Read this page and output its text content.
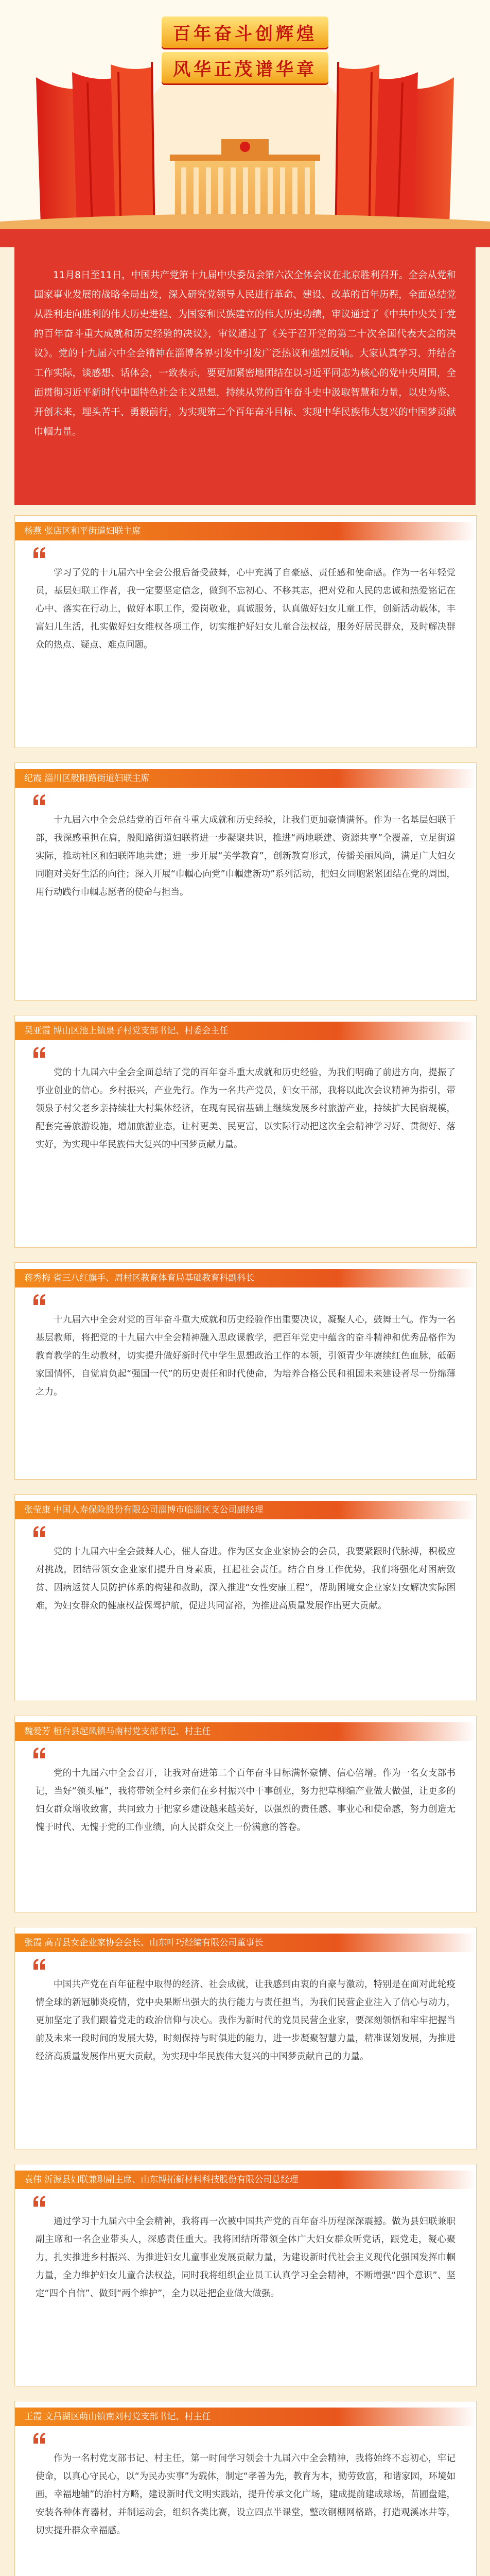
百年奋斗创辉煌
风华正茂谱华章

11月8日至11日，中国共产党第十九届中央委员会第六次全体会议在北京胜利召开。全会从党和国家事业发展的战略全局出发，深入研究党领导人民进行革命、建设、改革的百年历程，全面总结党从胜利走向胜利的伟大历史进程、为国家和民族建立的伟大历史功绩，审议通过了《中共中央关于党的百年奋斗重大成就和历史经验的决议》，审议通过了《关于召开党的第二十次全国代表大会的决议》。党的十九届六中全会精神在淄博各界引发中引发广泛热议和强烈反响。大家认真学习、并结合工作实际，谈感想、话体会，一致表示，要更加紧密地团结在以习近平同志为核心的党中央周围，全面贯彻习近平新时代中国特色社会主义思想，持续从党的百年奋斗史中汲取智慧和力量，以史为鉴、开创未来，埋头苦干、勇毅前行，为实现第二个百年奋斗目标、实现中华民族伟大复兴的中国梦贡献巾帼力量。

杨燕 张店区和平街道妇联主席
学习了党的十九届六中全会公报后备受鼓舞，心中充满了自豪感、责任感和使命感。作为一名年轻党员，基层妇联工作者，我一定要坚定信念，做到不忘初心、不移其志，把对党和人民的忠诚和热爱铭记在心中、落实在行动上，做好本职工作，爱岗敬业，真诚服务，认真做好妇女儿童工作，创新活动载体，丰富妇儿生活，扎实做好妇女维权各项工作，切实维护好妇女儿童合法权益，服务好居民群众，及时解决群众的热点、疑点、难点问题。
纪霞 淄川区般阳路街道妇联主席
十九届六中全会总结党的百年奋斗重大成就和历史经验，让我们更加豪情满怀。作为一名基层妇联干部，我深感重担在肩，般阳路街道妇联将进一步凝聚共识，推进“两地联建、资源共享”全覆盖，立足街道实际，推动社区和妇联阵地共建；进一步开展“美学教育”，创新教育形式，传播美丽风尚，满足广大妇女同胞对美好生活的向往；深入开展“巾帼心向党”巾帼建新功”系列活动，把妇女同胞紧紧团结在党的周围，用行动践行巾帼志愿者的使命与担当。
吴亚霞 博山区池上镇泉子村党支部书记、村委会主任
党的十九届六中全会全面总结了党的百年奋斗重大成就和历史经验，为我们明确了前进方向，提振了事业创业的信心。乡村振兴，产业先行。作为一名共产党员，妇女干部，我将以此次会议精神为指引，带领泉子村父老乡亲持续壮大村集体经济，在现有民宿基础上继续发展乡村旅游产业，持续扩大民宿规模，配套完善旅游设施，增加旅游业态，让村更美、民更富，以实际行动把这次全会精神学习好、贯彻好、落实好，为实现中华民族伟大复兴的中国梦贡献力量。
蒋秀梅 省三八红旗手、周村区教育体育局基础教育科副科长
十九届六中全会对党的百年奋斗重大成就和历史经验作出重要决议，凝聚人心，鼓舞士气。作为一名基层教师，将把党的十九届六中全会精神融入思政课教学，把百年党史中蕴含的奋斗精神和优秀品格作为教育教学的生动教材，切实提升做好新时代中学生思想政治工作的本领，引领青少年赓续红色血脉，砥砺家国情怀，自觉肩负起“强国一代”的历史责任和时代使命，为培养合格公民和祖国未来建设者尽一份绵薄之力。
张莹康 中国人寿保险股份有限公司淄博市临淄区支公司副经理
党的十九届六中全会鼓舞人心，催人奋进。作为区女企业家协会的会员，我要紧跟时代脉搏，积极应对挑战，团结带领女企业家们提升自身素质，扛起社会责任。结合自身工作优势，我们将强化对困病致贫、因病返贫人员防护体系的构建和救助，深入推进“女性安康工程”，帮助困境女企业家妇女解决实际困难，为妇女群众的健康权益保驾护航，促进共同富裕，为推进高质量发展作出更大贡献。
魏爱芳 桓台县起凤镇马南村党支部书记、村主任
党的十九届六中全会召开，让我对奋进第二个百年奋斗目标满怀豪情、信心倍增。作为一名女支部书记，当好“领头雁”，我将带领全村乡亲们在乡村振兴中干事创业，努力把草柳编产业做大做强，让更多的妇女群众增收致富，共同致力于把家乡建设越来越美好，以强烈的责任感、事业心和使命感，努力创造无愧于时代、无愧于党的工作业绩，向人民群众交上一份满意的答卷。
张霞 高青县女企业家协会会长、山东叶巧经编有限公司董事长
中国共产党在百年征程中取得的经济、社会成就，让我感到由衷的自豪与激动，特别是在面对此轮疫情全球的新冠肺炎疫情，党中央果断出强大的执行能力与责任担当，为我们民营企业注入了信心与动力，更加坚定了我们跟着党走的政治信仰与决心。我作为新时代的党员民营企业家，要深刻领悟和牢牢把握当前及未来一段时间的发展大势，时刻保持与时俱进的能力，进一步凝聚智慧力量，精准谋划发展，为推进经济高质量发展作出更大贡献，为实现中华民族伟大复兴的中国梦贡献自己的力量。
袁伟 沂源县妇联兼职副主席、山东博拓新材料科技股份有限公司总经理
通过学习十九届六中全会精神，我将再一次被中国共产党的百年奋斗历程深深震撼。做为县妇联兼职副主席和一名企业带头人，深感责任重大。我将团结所带领全体广大妇女群众听党话，跟党走，凝心聚力，扎实推进乡村振兴、为推进妇女儿童事业发展贡献力量，为建设新时代社会主义现代化强国发挥巾帼力量，全力维护妇女儿童合法权益，同时我将组织企业员工认真学习全会精神，不断增强“四个意识”、坚定“四个自信”、做到“两个维护”，全力以赴把企业做大做强。
王霞 文昌湖区萌山镇南刘村党支部书记、村主任
作为一名村党支部书记、村主任，第一时间学习领会十九届六中全会精神，我将始终不忘初心，牢记使命，以真心守民心，以“为民办实事”为载体，制定“孝善为先，教育为本，勤劳致富，和谐家园，环境如画，幸福地辅”的治村方略，建设新时代文明实践站，提升传承文化广场，建成提前建成球场，苗圃盘建，安装各种体育器材，并制运动会，组织各类比赛，设立四点半课堂，整改钢棚网格路，打造观溪冰井等，切实提升群众幸福感。
